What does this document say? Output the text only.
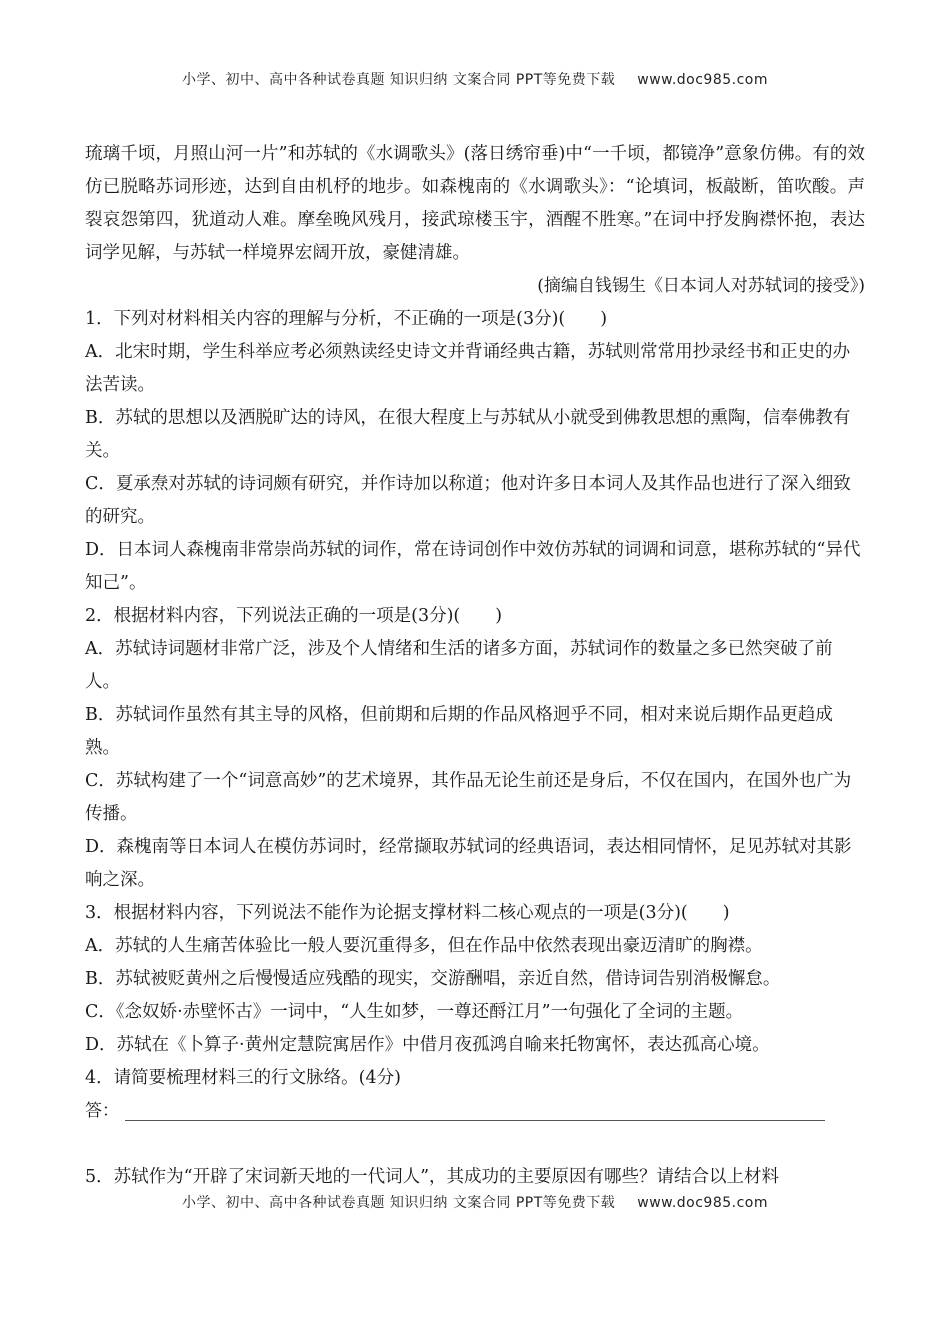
小学、初中、高中各种试卷真题 知识归纳 文案合同 PPT等免费下载 www.doc985.com

琉璃千顷，月照山河一片”和苏轼的《水调歌头》(落日绣帘垂)中“一千顷，都镜净”意象仿佛。有的效仿已脱略苏词形迹，达到自由机杼的地步。如森槐南的《水调歌头》：“论填词，板敲断，笛吹酸。声裂哀怨第四，犹道动人难。摩垒晚风残月，接武琼楼玉宇，酒醒不胜寒。”在词中抒发胸襟怀抱，表达词学见解，与苏轼一样境界宏阔开放，豪健清雄。

(摘编自钱锡生《日本词人对苏轼词的接受》)

1．下列对材料相关内容的理解与分析，不正确的一项是(3分)(　　)

A．北宋时期，学生科举应考必须熟读经史诗文并背诵经典古籍，苏轼则常常用抄录经书和正史的办法苦读。

B．苏轼的思想以及洒脱旷达的诗风，在很大程度上与苏轼从小就受到佛教思想的熏陶，信奉佛教有关。

C．夏承焘对苏轼的诗词颇有研究，并作诗加以称道；他对许多日本词人及其作品也进行了深入细致的研究。

D．日本词人森槐南非常崇尚苏轼的词作，常在诗词创作中效仿苏轼的词调和词意，堪称苏轼的“异代知己”。

2．根据材料内容，下列说法正确的一项是(3分)(　　)

A．苏轼诗词题材非常广泛，涉及个人情绪和生活的诸多方面，苏轼词作的数量之多已然突破了前人。

B．苏轼词作虽然有其主导的风格，但前期和后期的作品风格迥乎不同，相对来说后期作品更趋成熟。

C．苏轼构建了一个“词意高妙”的艺术境界，其作品无论生前还是身后，不仅在国内，在国外也广为传播。

D．森槐南等日本词人在模仿苏词时，经常撷取苏轼词的经典语词，表达相同情怀，足见苏轼对其影响之深。

3．根据材料内容，下列说法不能作为论据支撑材料二核心观点的一项是(3分)(　　)

A．苏轼的人生痛苦体验比一般人要沉重得多，但在作品中依然表现出豪迈清旷的胸襟。

B．苏轼被贬黄州之后慢慢适应残酷的现实，交游酬唱，亲近自然，借诗词告别消极懈怠。

C．《念奴娇·赤壁怀古》一词中，“人生如梦，一尊还酹江月”一句强化了全词的主题。

D．苏轼在《卜算子·黄州定慧院寓居作》中借月夜孤鸿自喻来托物寓怀，表达孤高心境。

4．请简要梳理材料三的行文脉络。(4分)

答：

5．苏轼作为“开辟了宋词新天地的一代词人”，其成功的主要原因有哪些？请结合以上材料

小学、初中、高中各种试卷真题 知识归纳 文案合同 PPT等免费下载 www.doc985.com
